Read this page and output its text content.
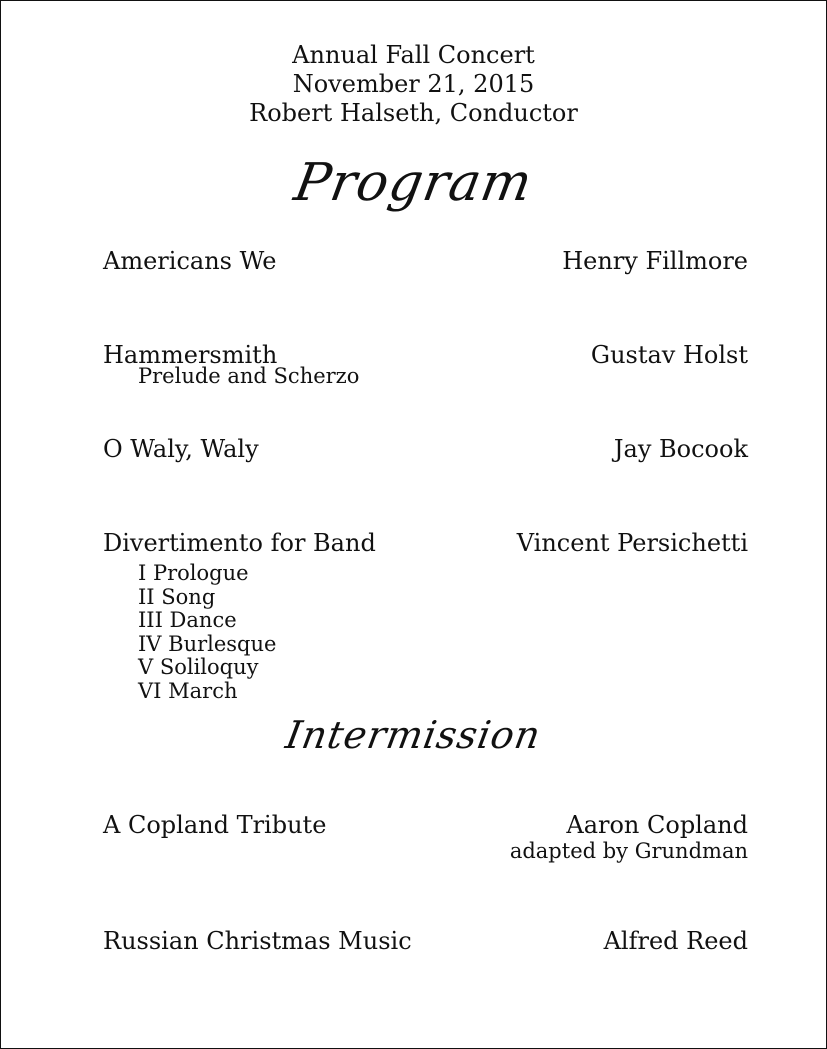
Annual Fall Concert
November 21, 2015
Robert Halseth, Conductor
Program
Americans We	Henry Fillmore
Hammersmith	Gustav Holst
Prelude and Scherzo
O Waly, Waly	Jay Bocook
Divertimento for Band	Vincent Persichetti
I Prologue
II Song
III Dance
IV Burlesque
V Soliloquy
VI March
Intermission
A Copland Tribute	Aaron Copland
adapted by Grundman
Russian Christmas Music	Alfred Reed
